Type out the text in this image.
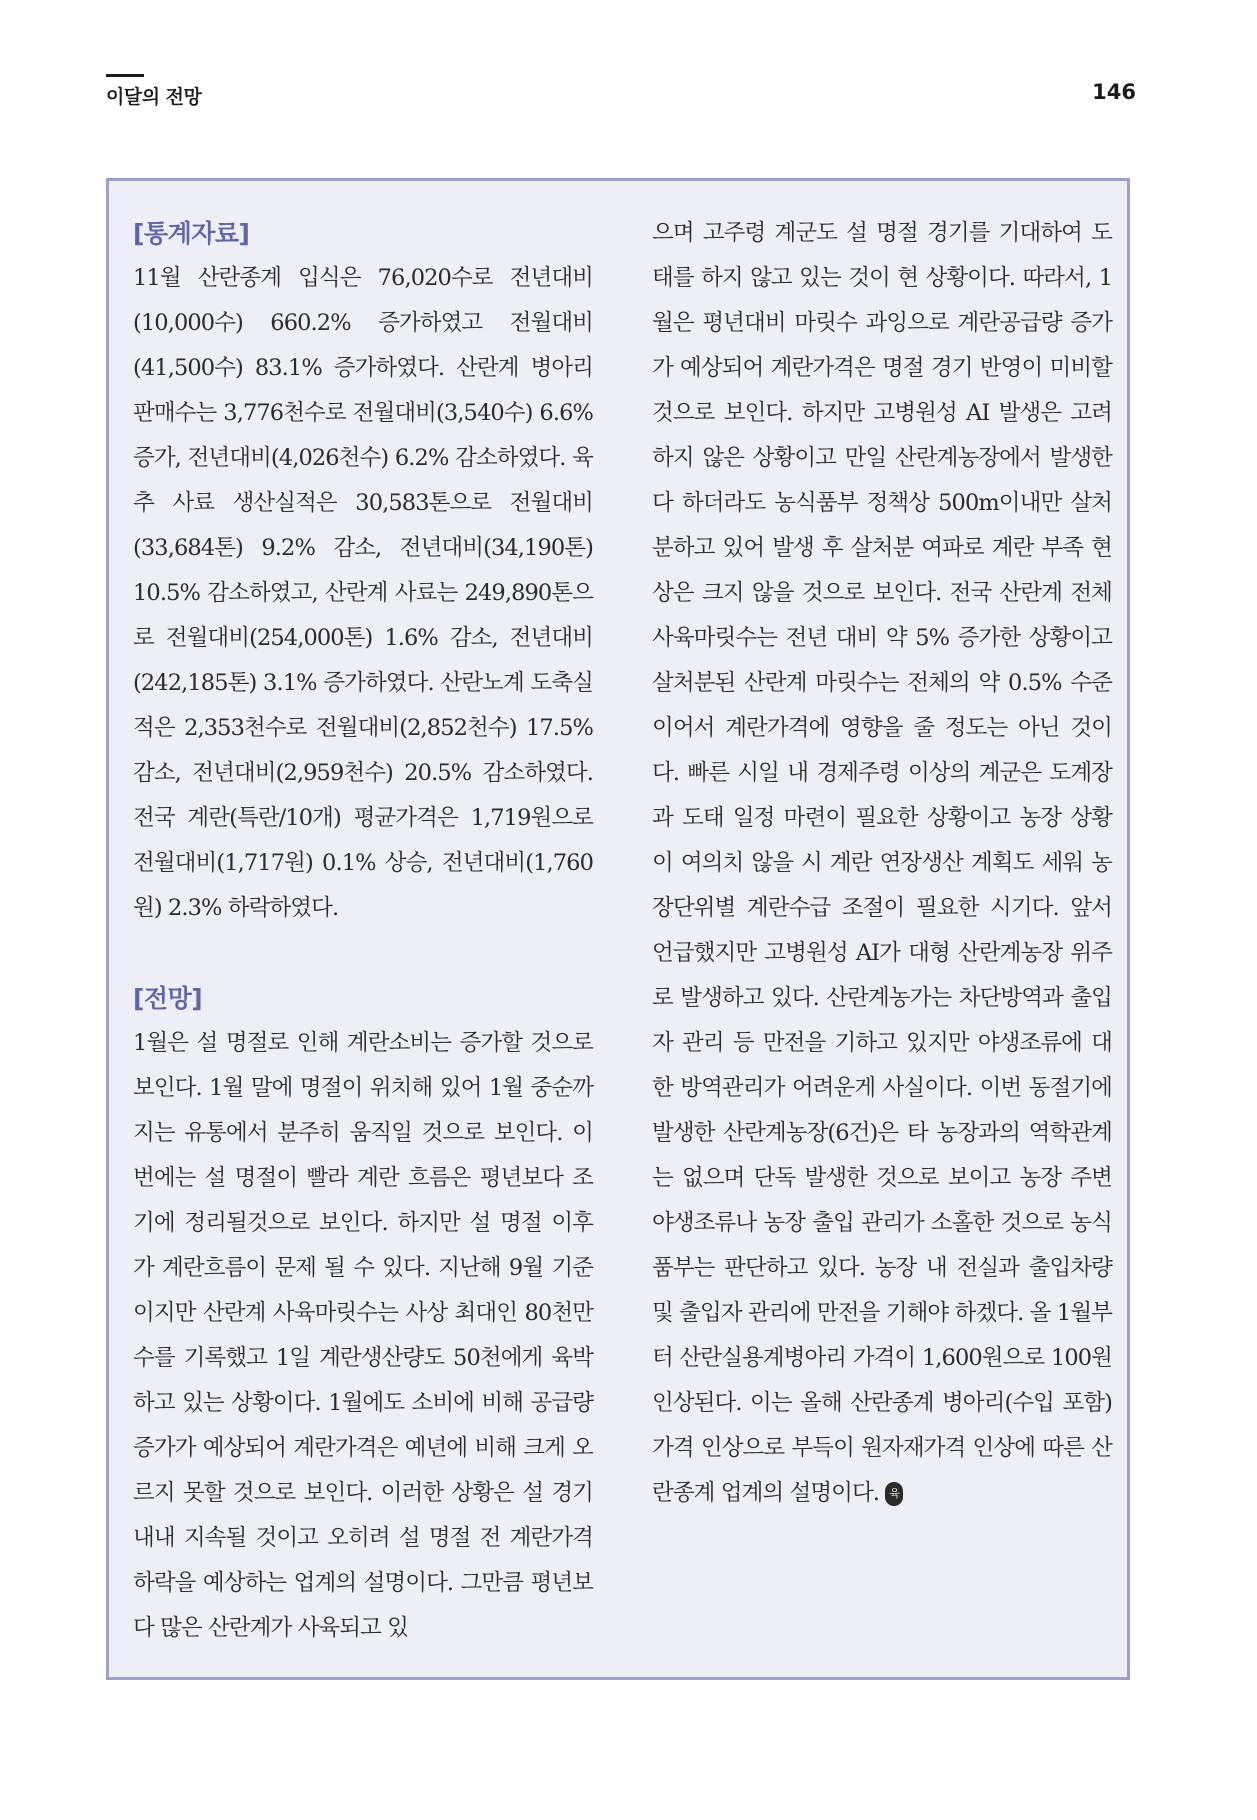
이달의 전망	146
[통계자료]

11월 산란종계 입식은 76,020수로 전년대비(10,000수) 660.2% 증가하였고 전월대비(41,500수) 83.1% 증가하였다. 산란계 병아리 판매수는 3,776천수로 전월대비(3,540수) 6.6% 증가, 전년대비(4,026천수) 6.2% 감소하였다. 육추 사료 생산실적은 30,583톤으로 전월대비(33,684톤) 9.2% 감소, 전년대비(34,190톤) 10.5% 감소하였고, 산란계 사료는 249,890톤으로 전월대비(254,000톤) 1.6% 감소, 전년대비(242,185톤) 3.1% 증가하였다. 산란노계 도축실적은 2,353천수로 전월대비(2,852천수) 17.5% 감소, 전년대비(2,959천수) 20.5% 감소하였다. 전국 계란(특란/10개) 평균가격은 1,719원으로 전월대비(1,717원) 0.1% 상승, 전년대비(1,760원) 2.3% 하락하였다.

[전망]

1월은 설 명절로 인해 계란소비는 증가할 것으로 보인다. 1월 말에 명절이 위치해 있어 1월 중순까지는 유통에서 분주히 움직일 것으로 보인다. 이번에는 설 명절이 빨라 계란 흐름은 평년보다 조기에 정리될것으로 보인다. 하지만 설 명절 이후가 계란흐름이 문제 될 수 있다. 지난해 9월 기준이지만 산란계 사육마릿수는 사상 최대인 80천만수를 기록했고 1일 계란생산량도 50천에게 육박하고 있는 상황이다. 1월에도 소비에 비해 공급량 증가가 예상되어 계란가격은 예년에 비해 크게 오르지 못할 것으로 보인다. 이러한 상황은 설 경기 내내 지속될 것이고 오히려 설 명절 전 계란가격 하락을 예상하는 업계의 설명이다. 그만큼 평년보다 많은 산란계가 사육되고 있

으며 고주령 계군도 설 명절 경기를 기대하여 도태를 하지 않고 있는 것이 현 상황이다. 따라서, 1월은 평년대비 마릿수 과잉으로 계란공급량 증가가 예상되어 계란가격은 명절 경기 반영이 미비할 것으로 보인다. 하지만 고병원성 AI 발생은 고려하지 않은 상황이고 만일 산란계농장에서 발생한다 하더라도 농식품부 정책상 500m이내만 살처분하고 있어 발생 후 살처분 여파로 계란 부족 현상은 크지 않을 것으로 보인다. 전국 산란계 전체 사육마릿수는 전년 대비 약 5% 증가한 상황이고 살처분된 산란계 마릿수는 전체의 약 0.5% 수준이어서 계란가격에 영향을 줄 정도는 아닌 것이다. 빠른 시일 내 경제주령 이상의 계군은 도계장과 도태 일정 마련이 필요한 상황이고 농장 상황이 여의치 않을 시 계란 연장생산 계획도 세워 농장단위별 계란수급 조절이 필요한 시기다. 앞서 언급했지만 고병원성 AI가 대형 산란계농장 위주로 발생하고 있다. 산란계농가는 차단방역과 출입자 관리 등 만전을 기하고 있지만 야생조류에 대한 방역관리가 어려운게 사실이다. 이번 동절기에 발생한 산란계농장(6건)은 타 농장과의 역학관계는 없으며 단독 발생한 것으로 보이고 농장 주변 야생조류나 농장 출입 관리가 소홀한 것으로 농식품부는 판단하고 있다. 농장 내 전실과 출입차량 및 출입자 관리에 만전을 기해야 하겠다. 올 1월부터 산란실용계병아리 가격이 1,600원으로 100원 인상된다. 이는 올해 산란종계 병아리(수입 포함) 가격 인상으로 부득이 원자재가격 인상에 따른 산란종계 업계의 설명이다. 육
